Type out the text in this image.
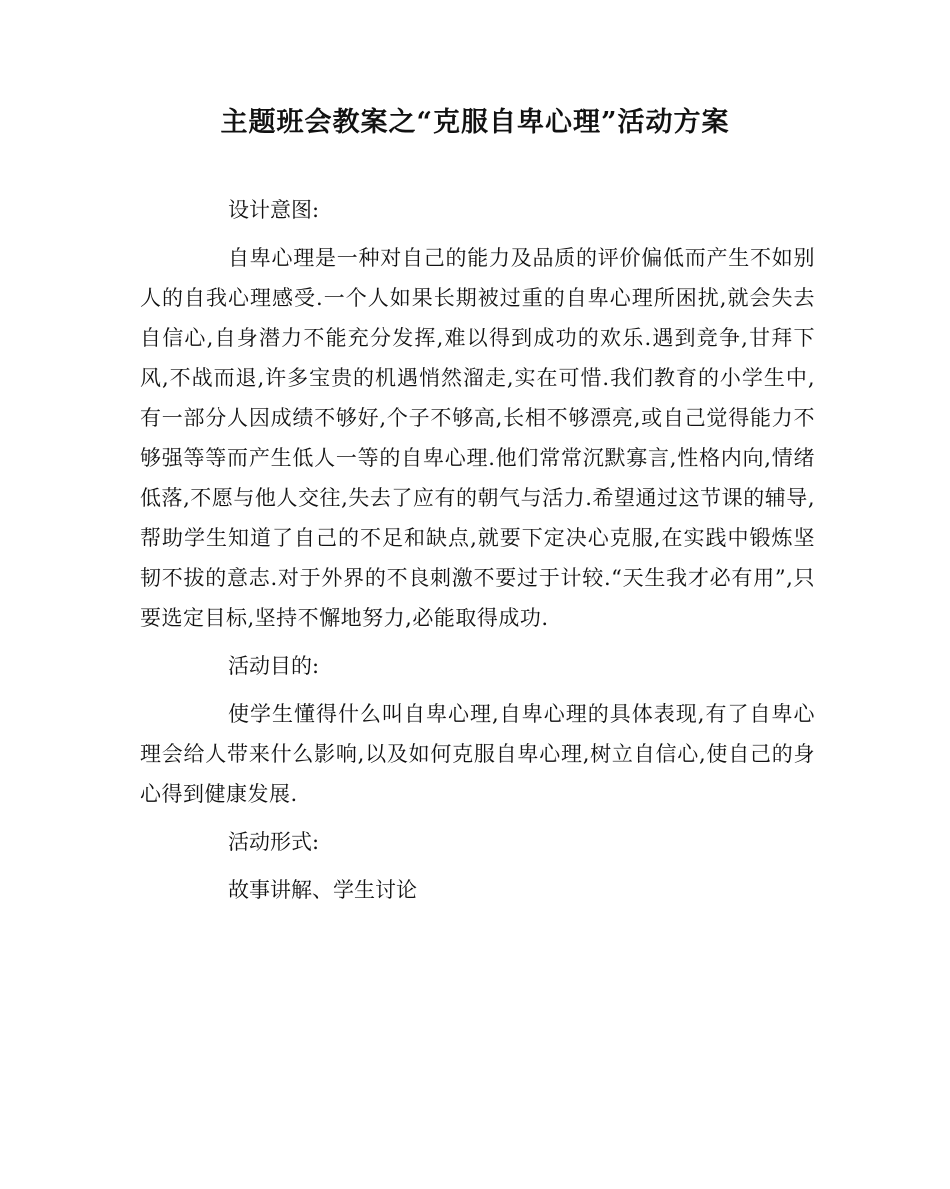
主题班会教案之“克服自卑心理”活动方案

设计意图:

自卑心理是一种对自己的能力及品质的评价偏低而产生不如别人的自我心理感受.一个人如果长期被过重的自卑心理所困扰,就会失去自信心,自身潜力不能充分发挥,难以得到成功的欢乐.遇到竞争,甘拜下风,不战而退,许多宝贵的机遇悄然溜走,实在可惜.我们教育的小学生中,有一部分人因成绩不够好,个子不够高,长相不够漂亮,或自己觉得能力不够强等等而产生低人一等的自卑心理.他们常常沉默寡言,性格内向,情绪低落,不愿与他人交往,失去了应有的朝气与活力.希望通过这节课的辅导,帮助学生知道了自己的不足和缺点,就要下定决心克服,在实践中锻炼坚韧不拔的意志.对于外界的不良刺激不要过于计较.“天生我才必有用”,只要选定目标,坚持不懈地努力,必能取得成功.

活动目的:

使学生懂得什么叫自卑心理,自卑心理的具体表现,有了自卑心理会给人带来什么影响,以及如何克服自卑心理,树立自信心,使自己的身心得到健康发展.

活动形式:

故事讲解、学生讨论
